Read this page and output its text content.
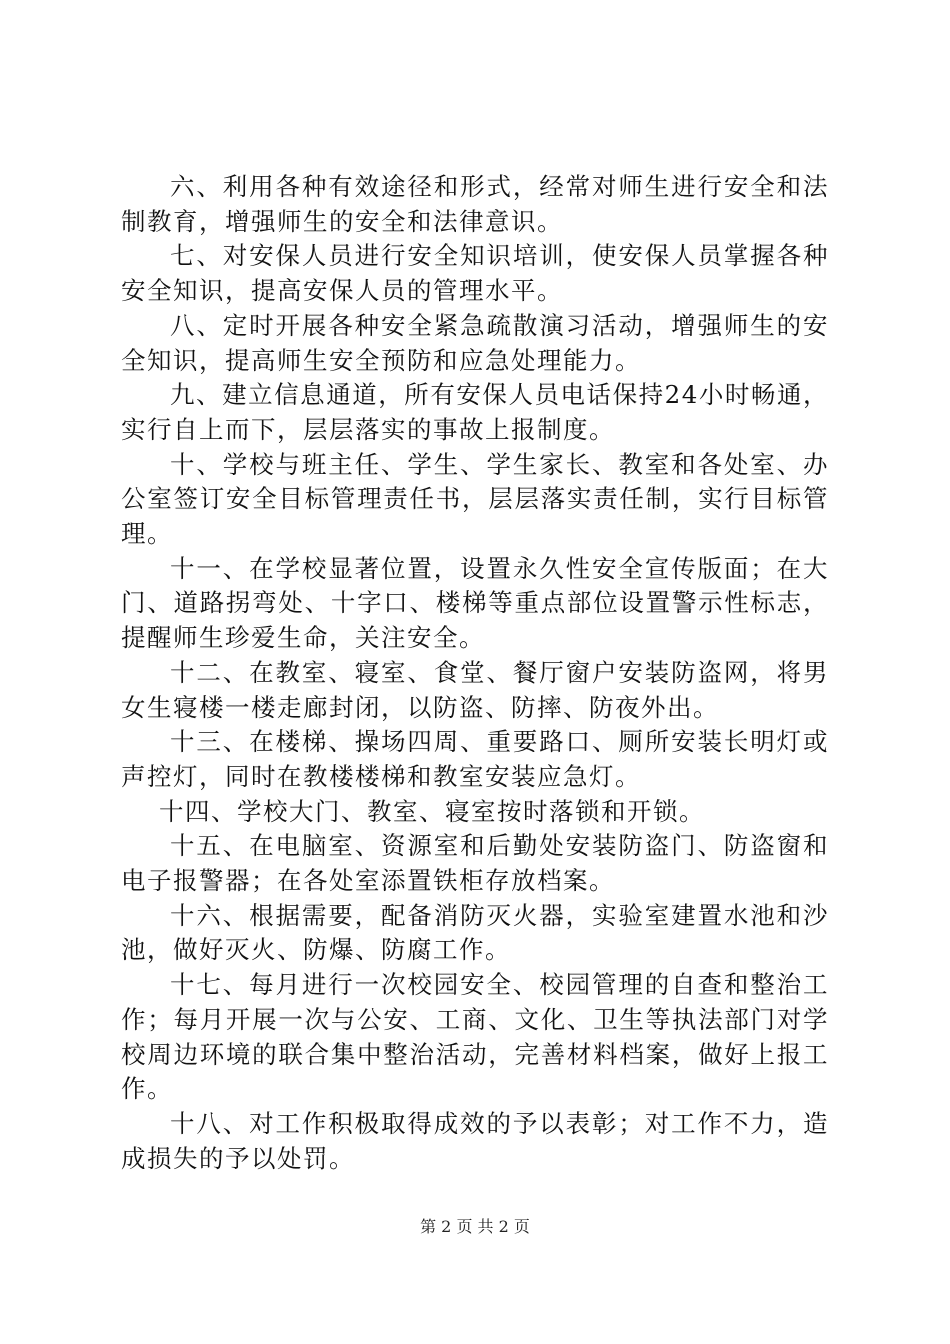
六、利用各种有效途径和形式，经常对师生进行安全和法制教育，增强师生的安全和法律意识。

七、对安保人员进行安全知识培训，使安保人员掌握各种安全知识，提高安保人员的管理水平。

八、定时开展各种安全紧急疏散演习活动，增强师生的安全知识，提高师生安全预防和应急处理能力。

九、建立信息通道，所有安保人员电话保持24小时畅通，实行自上而下，层层落实的事故上报制度。

十、学校与班主任、学生、学生家长、教室和各处室、办公室签订安全目标管理责任书，层层落实责任制，实行目标管理。

十一、在学校显著位置，设置永久性安全宣传版面；在大门、道路拐弯处、十字口、楼梯等重点部位设置警示性标志，提醒师生珍爱生命，关注安全。

十二、在教室、寝室、食堂、餐厅窗户安装防盗网，将男女生寝楼一楼走廊封闭，以防盗、防摔、防夜外出。

十三、在楼梯、操场四周、重要路口、厕所安装长明灯或声控灯，同时在教楼楼梯和教室安装应急灯。

十四、学校大门、教室、寝室按时落锁和开锁。

十五、在电脑室、资源室和后勤处安装防盗门、防盗窗和电子报警器；在各处室添置铁柜存放档案。

十六、根据需要，配备消防灭火器，实验室建置水池和沙池，做好灭火、防爆、防腐工作。

十七、每月进行一次校园安全、校园管理的自查和整治工作；每月开展一次与公安、工商、文化、卫生等执法部门对学校周边环境的联合集中整治活动，完善材料档案，做好上报工作。

十八、对工作积极取得成效的予以表彰；对工作不力，造成损失的予以处罚。

第 2 页 共 2 页
